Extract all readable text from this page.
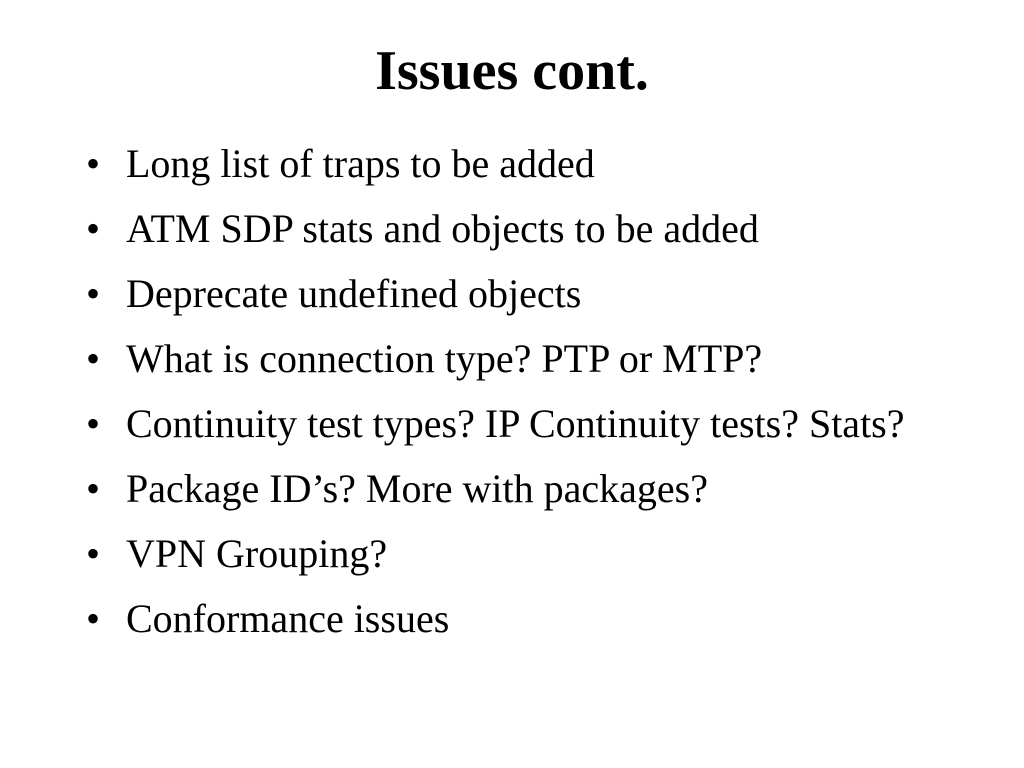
Issues cont.
• Long list of traps to be added
• ATM SDP stats and objects to be added
• Deprecate undefined objects
• What is connection type? PTP or MTP?
• Continuity test types? IP Continuity tests? Stats?
• Package ID’s? More with packages?
• VPN Grouping?
• Conformance issues
